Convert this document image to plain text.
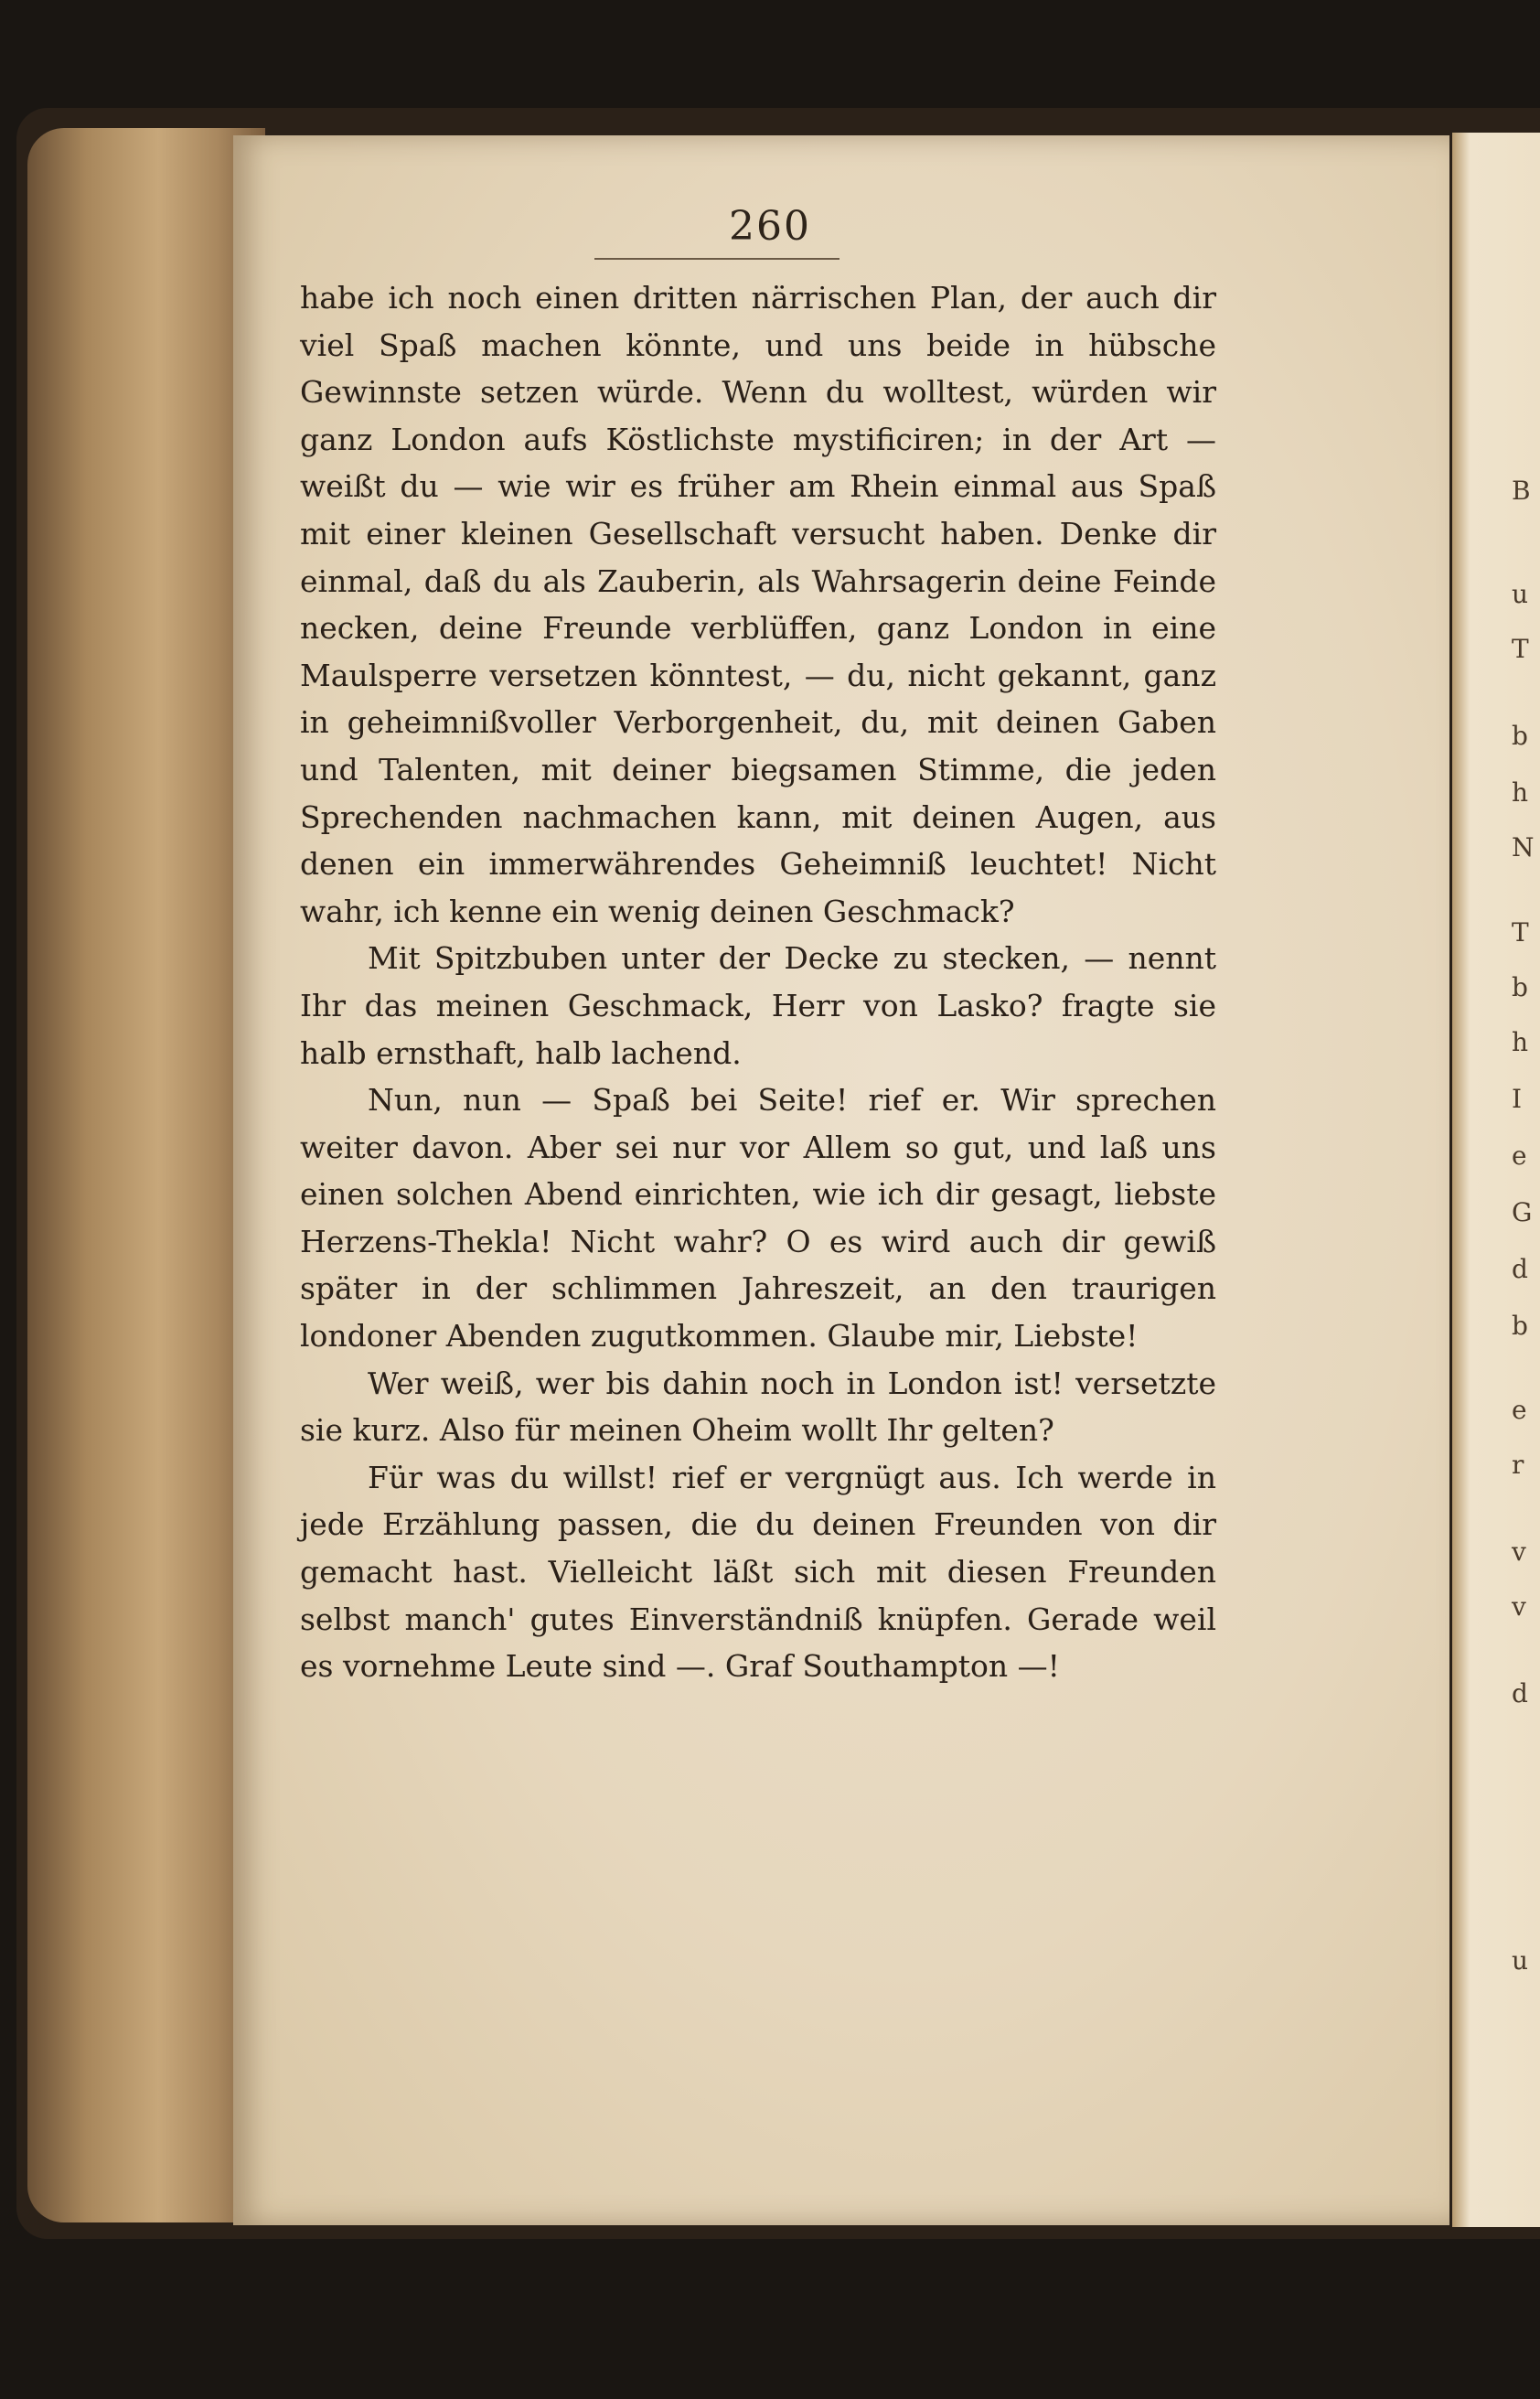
B
u
T
b
h
N
T
b
h
I
e
G
d
b
e
r
v
v
d
u
260

habe ich noch einen dritten närrischen Plan, der auch dir viel Spaß machen könnte, und uns beide in hübsche Gewinnste setzen würde. Wenn du wolltest, würden wir ganz London aufs Köstlichste mystificiren; in der Art — weißt du — wie wir es früher am Rhein einmal aus Spaß mit einer kleinen Gesellschaft versucht haben. Denke dir einmal, daß du als Zauberin, als Wahrsagerin deine Feinde necken, deine Freunde verblüffen, ganz London in eine Maulsperre versetzen könntest, — du, nicht gekannt, ganz in geheimnißvoller Verborgenheit, du, mit deinen Gaben und Talenten, mit deiner biegsamen Stimme, die jeden Sprechenden nachmachen kann, mit deinen Augen, aus denen ein immerwährendes Geheimniß leuchtet! Nicht wahr, ich kenne ein wenig deinen Geschmack?

Mit Spitzbuben unter der Decke zu stecken, — nennt Ihr das meinen Geschmack, Herr von Lasko? fragte sie halb ernsthaft, halb lachend.

Nun, nun — Spaß bei Seite! rief er. Wir sprechen weiter davon. Aber sei nur vor Allem so gut, und laß uns einen solchen Abend einrichten, wie ich dir gesagt, liebste Herzens-Thekla! Nicht wahr? O es wird auch dir gewiß später in der schlimmen Jahreszeit, an den traurigen londoner Abenden zugutkommen. Glaube mir, Liebste!

Wer weiß, wer bis dahin noch in London ist! versetzte sie kurz. Also für meinen Oheim wollt Ihr gelten?

Für was du willst! rief er vergnügt aus. Ich werde in jede Erzählung passen, die du deinen Freunden von dir gemacht hast. Vielleicht läßt sich mit diesen Freunden selbst manch' gutes Einverständniß knüpfen. Gerade weil es vornehme Leute sind —. Graf Southampton —!
